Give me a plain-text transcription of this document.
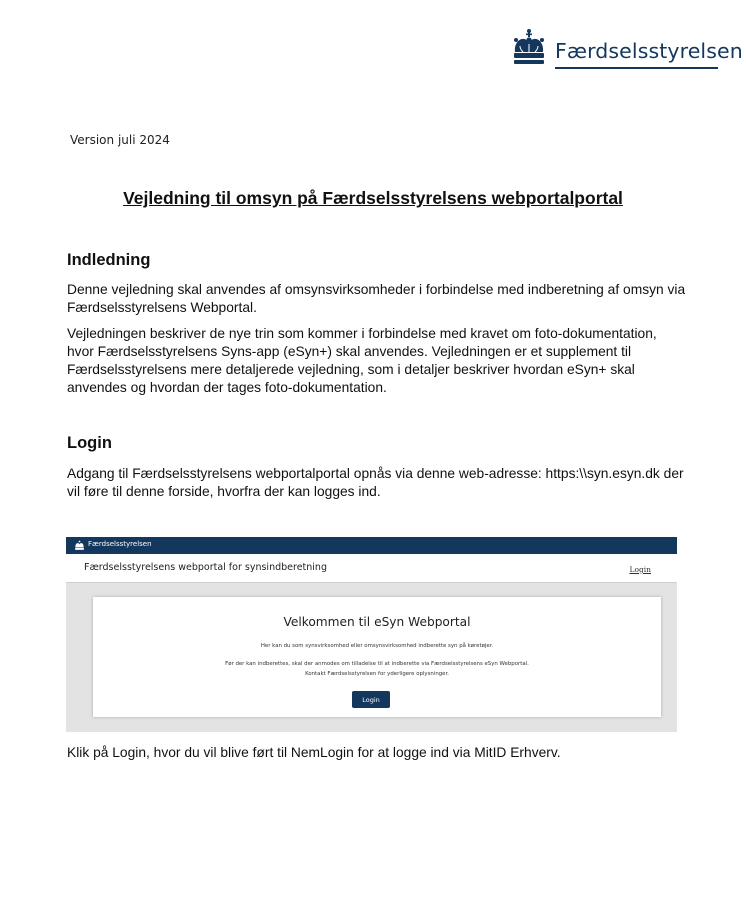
Færdselsstyrelsen
Version juli 2024
Vejledning til omsyn på Færdselsstyrelsens webportalportal
Indledning

Denne vejledning skal anvendes af omsynsvirksomheder i forbindelse med indberetning af omsyn via Færdselsstyrelsens Webportal.

Vejledningen beskriver de nye trin som kommer i forbindelse med kravet om foto-dokumentation, hvor Færdselsstyrelsens Syns-app (eSyn+) skal anvendes. Vejledningen er et supplement til Færdselsstyrelsens mere detaljerede vejledning, som i detaljer beskriver hvordan eSyn+ skal anvendes og hvordan der tages foto-dokumentation.

Login

Adgang til Færdselsstyrelsens webportalportal opnås via denne web-adresse: https:\\syn.esyn.dk der vil føre til denne forside, hvorfra der kan logges ind.

Færdselsstyrelsen
Færdselsstyrelsens webportal for synsindberetning	Login
Velkommen til eSyn Webportal
Her kan du som synsvirksomhed eller omsynsvirksomhed indberette syn på køretøjer.
Før der kan indberettes, skal der anmodes om tilladelse til at indberette via Færdselsstyrelsens eSyn Webportal.
Kontakt Færdselsstyrelsen for yderligere oplysninger.
Login

Klik på Login, hvor du vil blive ført til NemLogin for at logge ind via MitID Erhverv.
